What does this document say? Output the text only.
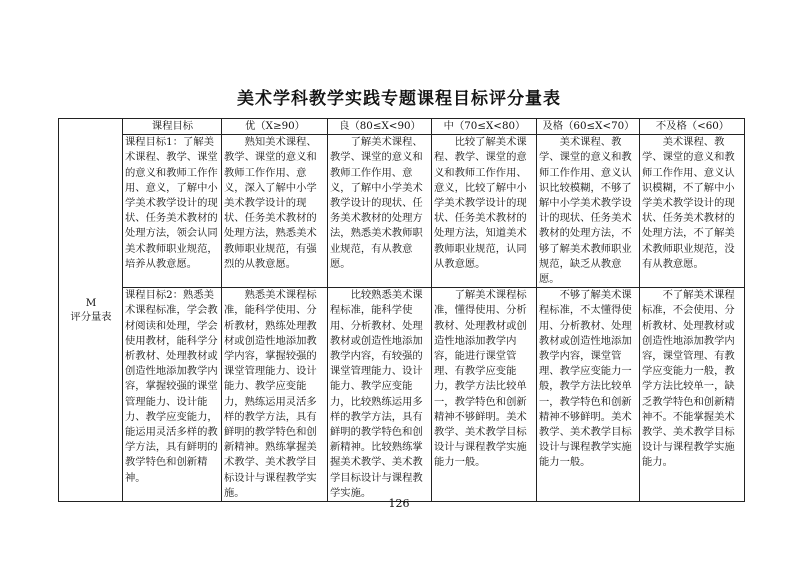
美术学科教学实践专题课程目标评分量表
M
评分量表	课程目标	优（X≥90）	良（80≤X<90）	中（70≤X<80）	及格（60≤X<70）	不及格（<60）

	课程目标1：了解美术课程、教学、课堂的意义和教师工作作用、意义，了解中小学美术教学设计的现状、任务美术教材的处理方法，领会认同美术教师职业规范，培养从教意愿。	　　熟知美术课程、教学、课堂的意义和教师工作作用、意义，深入了解中小学美术教学设计的现状、任务美术教材的处理方法，熟悉美术教师职业规范，有强烈的从教意愿。	　　了解美术课程、教学、课堂的意义和教师工作作用、意义，了解中小学美术教学设计的现状、任务美术教材的处理方法，熟悉美术教师职业规范，有从教意愿。	　　比较了解美术课程、教学、课堂的意义和教师工作作用、意义，比较了解中小学美术教学设计的现状、任务美术教材的处理方法，知道美术教师职业规范，认同从教意愿。	　　美术课程、教学、课堂的意义和教师工作作用、意义认识比较模糊，不够了解中小学美术教学设计的现状、任务美术教材的处理方法，不够了解美术教师职业规范，缺乏从教意愿。	　　美术课程、教学、课堂的意义和教师工作作用、意义认识模糊，不了解中小学美术教学设计的现状、任务美术教材的处理方法，不了解美术教师职业规范，没有从教意愿。

	课程目标2：熟悉美术课程标准，学会教材阅读和处理，学会使用教材，能科学分析教材、处理教材或创造性地添加教学内容，掌握较强的课堂管理能力、设计能力、教学应变能力，能运用灵活多样的教学方法，具有鲜明的教学特色和创新精神。	　　熟悉美术课程标准，能科学使用、分析教材，熟练处理教材或创造性地添加教学内容，掌握较强的课堂管理能力、设计能力、教学应变能力，熟练运用灵活多样的教学方法，具有鲜明的教学特色和创新精神。熟练掌握美术教学、美术教学目标设计与课程教学实施。	　　比较熟悉美术课程标准，能科学使用、分析教材、处理教材或创造性地添加教学内容，有较强的课堂管理能力、设计能力、教学应变能力，比较熟练运用多样的教学方法，具有鲜明的教学特色和创新精神。比较熟练掌握美术教学、美术教学目标设计与课程教学实施。	　　了解美术课程标准，懂得使用、分析教材、处理教材或创造性地添加教学内容，能进行课堂管理、有教学应变能力，教学方法比较单一，教学特色和创新精神不够鲜明。美术教学、美术教学目标设计与课程教学实施能力一般。	　　不够了解美术课程标准，不太懂得使用、分析教材、处理教材或创造性地添加教学内容，课堂管理、教学应变能力一般，教学方法比较单一，教学特色和创新精神不够鲜明。美术教学、美术教学目标设计与课程教学实施能力一般。	　　不了解美术课程标准，不会使用、分析教材、处理教材或创造性地添加教学内容，课堂管理、有教学应变能力一般，教学方法比较单一，缺乏教学特色和创新精神不。不能掌握美术教学、美术教学目标设计与课程教学实施能力。
126
